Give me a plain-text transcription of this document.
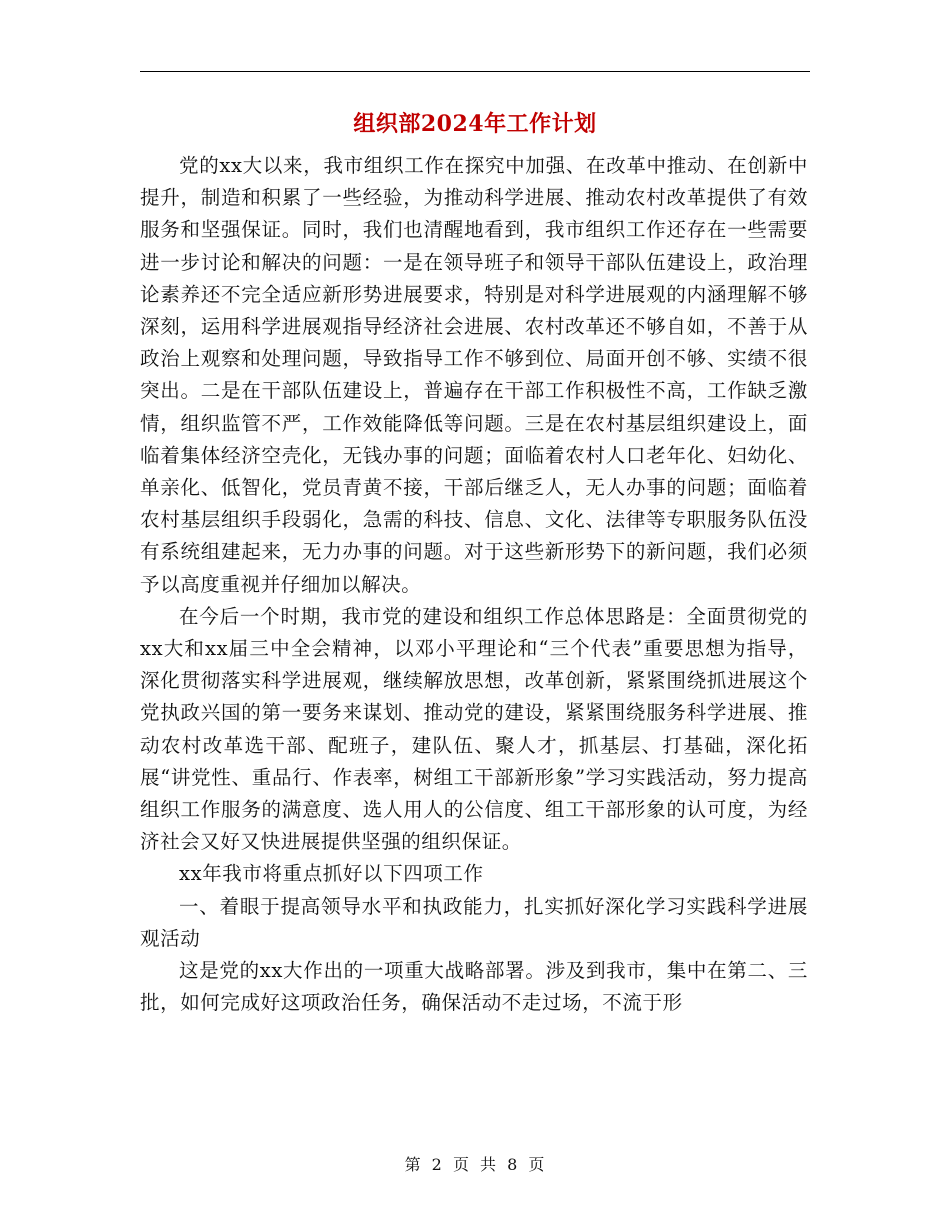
组织部2024年工作计划

党的xx大以来，我市组织工作在探究中加强、在改革中推动、在创新中提升，制造和积累了一些经验，为推动科学进展、推动农村改革提供了有效服务和坚强保证。同时，我们也清醒地看到，我市组织工作还存在一些需要进一步讨论和解决的问题：一是在领导班子和领导干部队伍建设上，政治理论素养还不完全适应新形势进展要求，特别是对科学进展观的内涵理解不够深刻，运用科学进展观指导经济社会进展、农村改革还不够自如，不善于从政治上观察和处理问题，导致指导工作不够到位、局面开创不够、实绩不很突出。二是在干部队伍建设上，普遍存在干部工作积极性不高，工作缺乏激情，组织监管不严，工作效能降低等问题。三是在农村基层组织建设上，面临着集体经济空壳化，无钱办事的问题；面临着农村人口老年化、妇幼化、单亲化、低智化，党员青黄不接，干部后继乏人，无人办事的问题；面临着农村基层组织手段弱化，急需的科技、信息、文化、法律等专职服务队伍没有系统组建起来，无力办事的问题。对于这些新形势下的新问题，我们必须予以高度重视并仔细加以解决。

在今后一个时期，我市党的建设和组织工作总体思路是：全面贯彻党的xx大和xx届三中全会精神，以邓小平理论和“三个代表”重要思想为指导，深化贯彻落实科学进展观，继续解放思想，改革创新，紧紧围绕抓进展这个党执政兴国的第一要务来谋划、推动党的建设，紧紧围绕服务科学进展、推动农村改革选干部、配班子，建队伍、聚人才，抓基层、打基础，深化拓展“讲党性、重品行、作表率，树组工干部新形象”学习实践活动，努力提高组织工作服务的满意度、选人用人的公信度、组工干部形象的认可度，为经济社会又好又快进展提供坚强的组织保证。

xx年我市将重点抓好以下四项工作

一、着眼于提高领导水平和执政能力，扎实抓好深化学习实践科学进展观活动

这是党的xx大作出的一项重大战略部署。涉及到我市，集中在第二、三批，如何完成好这项政治任务，确保活动不走过场，不流于形

第 2 页 共 8 页
